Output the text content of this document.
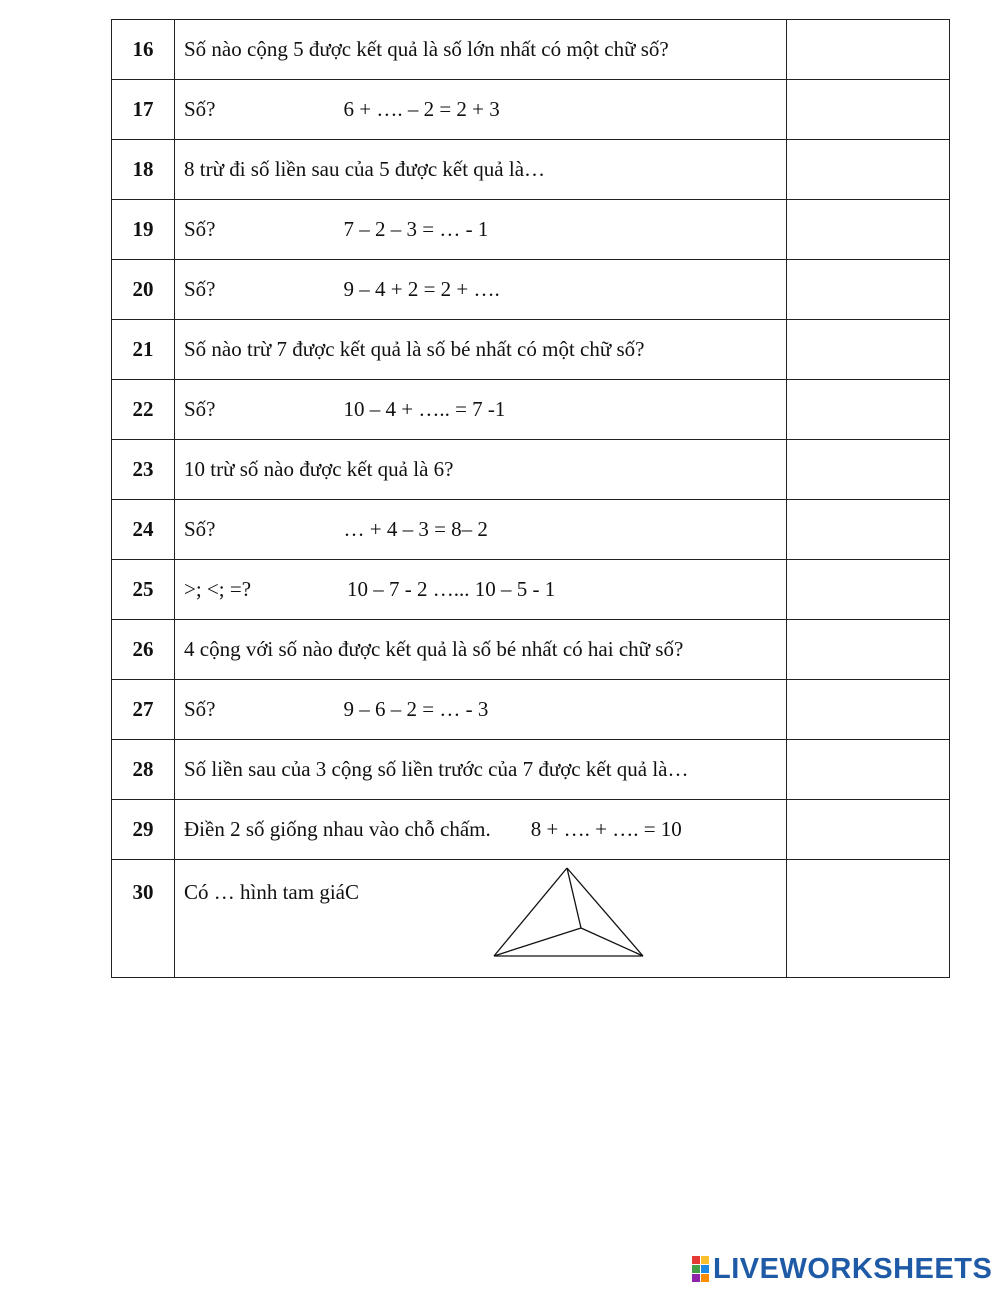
16	Số nào cộng 5 được kết quả là số lớn nhất có một chữ số?	
17	Số? 6 + …. – 2 = 2 + 3	
18	8 trừ đi số liền sau của 5 được kết quả là…	
19	Số? 7 – 2 – 3 = … - 1	
20	Số? 9 – 4 + 2 = 2 + ….	
21	Số nào trừ 7 được kết quả là số bé nhất có một chữ số?	
22	Số? 10 – 4 + ….. = 7 -1	
23	10 trừ số nào được kết quả là 6?	
24	Số? … + 4 – 3 = 8– 2	
25	>; <; =? 10 – 7 - 2 …... 10 – 5 - 1	
26	4 cộng với số nào được kết quả là số bé nhất có hai chữ số?	
27	Số? 9 – 6 – 2 = … - 3	
28	Số liền sau của 3 cộng số liền trước của 7 được kết quả là…	
29	Điền 2 số giống nhau vào chỗ chấm. 8 + …. + …. = 10	
30	Có … hình tam giáC

LIVEWORKSHEETS
